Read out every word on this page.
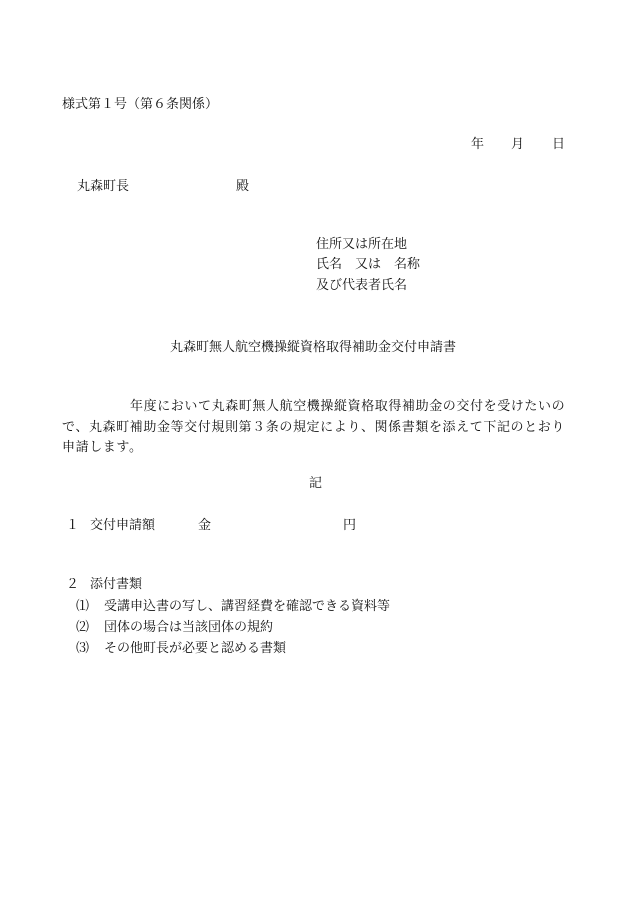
様式第１号（第６条関係）

年 月 日
丸森町長	殿
住所又は所在地
氏名　又は　名称
及び代表者氏名
丸森町無人航空機操縦資格取得補助金交付申請書

年度において丸森町無人航空機操縦資格取得補助金の交付を受けたいので、丸森町補助金等交付規則第３条の規定により、関係書類を添えて下記のとおり申請します。

記
１ 交付申請額	金	円
２ 添付書類
⑴ 受講申込書の写し、講習経費を確認できる資料等
⑵ 団体の場合は当該団体の規約
⑶ その他町長が必要と認める書類
